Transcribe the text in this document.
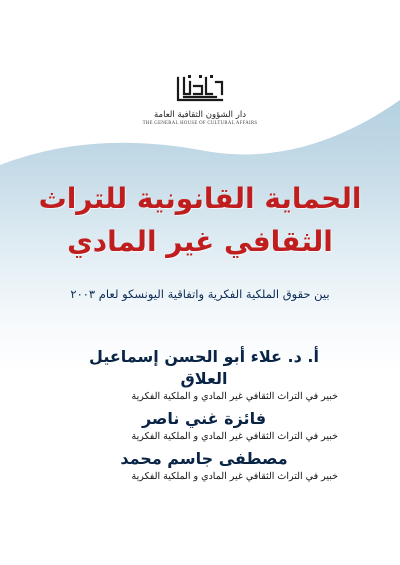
دار الشؤون الثقافية العامة
THE GENERAL HOUSE OF CULTURAL AFFAIRS
الحماية القانونية للتراث
الثقافي غير المادي
بين حقوق الملكية الفكرية واتفاقية اليونسكو لعام ٢٠٠٣
أ. د. علاء أبو الحسن إسماعيل العلاق
خبير في التراث الثقافي غير المادي و الملكية الفكرية
فائزة غني ناصر
خبير في التراث الثقافي غير المادي و الملكية الفكرية
مصطفى جاسم محمد
خبير في التراث الثقافي غير المادي و الملكية الفكرية
